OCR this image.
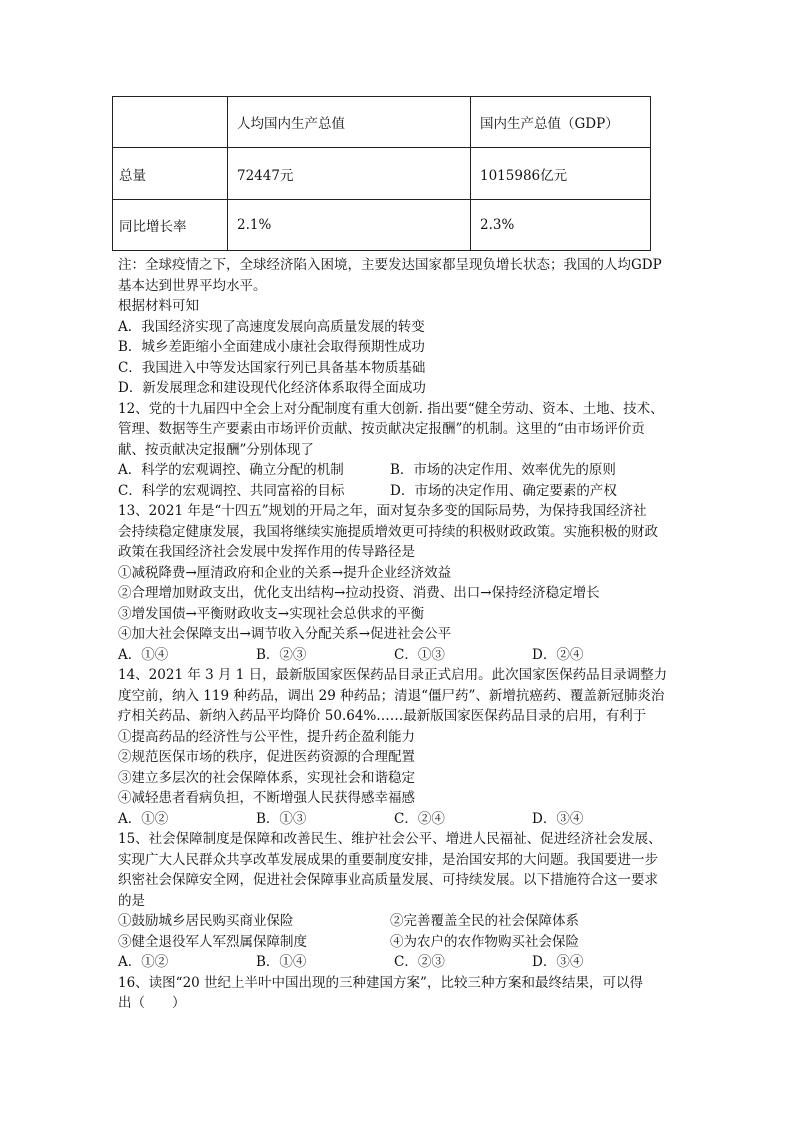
	人均国内生产总值	国内生产总值（GDP）
总量	72447元	1015986亿元
同比增长率	2.1%	2.3%
注：全球疫情之下，全球经济陷入困境，主要发达国家都呈现负增长状态；我国的人均GDP
基本达到世界平均水平。
根据材料可知
A．我国经济实现了高速度发展向高质量发展的转变
B．城乡差距缩小全面建成小康社会取得预期性成功
C．我国进入中等发达国家行列已具备基本物质基础
D．新发展理念和建设现代化经济体系取得全面成功
12、党的十九届四中全会上对分配制度有重大创新. 指出要“健全劳动、资本、土地、技术、
管理、数据等生产要素由市场评价贡献、按贡献决定报酬”的机制。这里的“由市场评价贡
献、按贡献决定报酬”分别体现了
A．科学的宏观调控、确立分配的机制	B．市场的决定作用、效率优先的原则
C．科学的宏观调控、共同富裕的目标	D．市场的决定作用、确定要素的产权
13、2021 年是“十四五”规划的开局之年，面对复杂多变的国际局势，为保持我国经济社
会持续稳定健康发展，我国将继续实施提质增效更可持续的积极财政政策。实施积极的财政
政策在我国经济社会发展中发挥作用的传导路径是
①减税降费→厘清政府和企业的关系→提升企业经济效益
②合理增加财政支出，优化支出结构→拉动投资、消费、出口→保持经济稳定增长
③增发国债→平衡财政收支→实现社会总供求的平衡
④加大社会保障支出→调节收入分配关系→促进社会公平
A．①④	B．②③	C．①③	D．②④
14、2021 年 3 月 1 日，最新版国家医保药品目录正式启用。此次国家医保药品目录调整力
度空前，纳入 119 种药品，调出 29 种药品；清退“僵尸药”、新增抗癌药、覆盖新冠肺炎治
疗相关药品、新纳入药品平均降价 50.64%……最新版国家医保药品目录的启用，有利于
①提高药品的经济性与公平性，提升药企盈利能力
②规范医保市场的秩序，促进医药资源的合理配置
③建立多层次的社会保障体系，实现社会和谐稳定
④减轻患者看病负担，不断增强人民获得感幸福感
A．①②	B．①③	C．②④	D．③④
15、社会保障制度是保障和改善民生、维护社会公平、增进人民福祉、促进经济社会发展、
实现广大人民群众共享改革发展成果的重要制度安排，是治国安邦的大问题。我国要进一步
织密社会保障安全网，促进社会保障事业高质量发展、可持续发展。以下措施符合这一要求
的是
①鼓励城乡居民购买商业保险	②完善覆盖全民的社会保障体系
③健全退役军人军烈属保障制度	④为农户的农作物购买社会保险
A．①②	B．①④	C．②③	D．③④
16、读图“20 世纪上半叶中国出现的三种建国方案”，比较三种方案和最终结果，可以得
出（　　）
